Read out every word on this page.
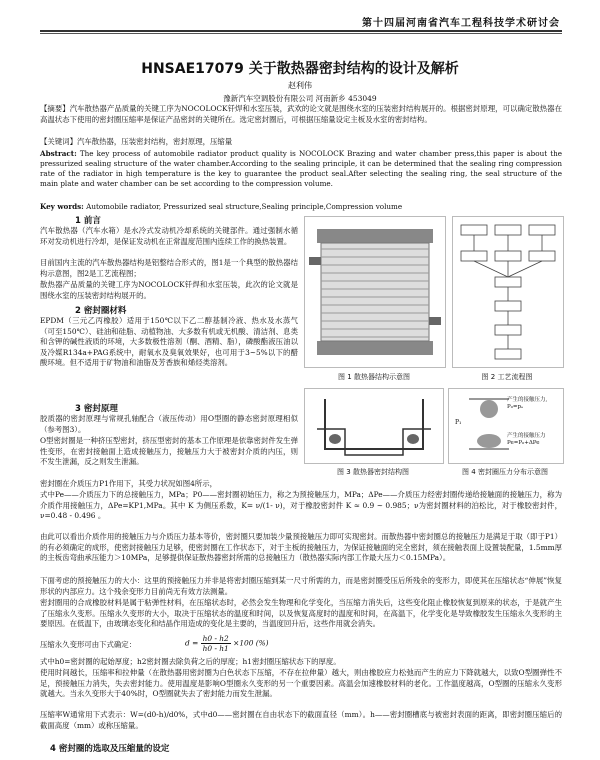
第十四届河南省汽车工程科技学术研讨会
HNSAE17079 关于散热器密封结构的设计及解析
赵利伟
豫新汽车空调股份有限公司 河南新乡 453049
【摘要】汽车散热器产品质量的关键工序为NOCOLOCK钎焊和水室压装，武欢的论文就是围绕水室的压装密封结构展开的。根据密封原理，可以确定散热器在高温状态下使用的密封圈压缩率是保证产品密封的关键所在。选定密封圈后，可根据压缩量设定主板及水室的密封结构。
【关键词】汽车散热器，压装密封结构，密封原理，压缩量
Abstract: The key process of automobile radiator product quality is NOCOLOCK Brazing and water chamber press,this paper is about the pressurized sealing structure of the water chamber.According to the sealing principle, it can be determined that the sealing ring compression rate of the radiator in high temperature is the key to guarantee the product seal.After selecting the sealing ring, the seal structure of the main plate and water chamber can be set according to the compression volume.
Key words: Automobile radiator, Pressurized seal structure,Sealing principle,Compression volume
1 前言
汽车散热器（汽车水箱）是水冷式发动机冷却系统的关键部件。通过强制水循环对发动机进行冷却，是保证发动机在正常温度范围内连续工作的换热装置。
目前国内主流的汽车散热器结构是铝整结合形式的，图1是一个典型的散热器结构示意图，图2是工艺流程图；
散热器产品质量的关键工序为NOCOLOCK钎焊和水室压装，此次的论文就是围绕水室的压装密封结构展开的。
2 密封圈材料
EPDM（三元乙丙橡胶）适用于150℃以下乙二醇基制冷液、热水及水蒸气（可至150℃）、硅油和硅脂、动植物油、大多数有机或无机酸、清洁剂、息类和含钾的碱性液质的环境，大多数极性溶剂（酮、酒精、脂），磷酸酯液压油以及冷媒R134a+PAG系统中，耐氧水及臭氧效果好，也可用于3~5%以下的醋酸环境。但不适用于矿物油和油脂及芳香族和烯烃类溶剂。
3 密封原理
胶质器的密封原理与常规孔轴配合（液压传动）用O型圈的静态密封原理相似（参考图3）。
O型密封圈是一种挤压型密封，挤压型密封的基本工作原理是依靠密封件发生弹性变形，在密封接触面上造成接触压力，接触压力大于被密封介质的内压，则不发生泄漏，反之则发生泄漏。
密封圈在介质压力P1作用下，其受力状况如图4所示，
式中Pe——介质压力下的总接触压力，MPa；P0——密封圈初始压力，称之为预接触压力，MPa；ΔPe——介质压力经密封圈传递给接触面的接触压力，称为介质作用接触压力，ΔPe=KP1,MPa。其中 K 为侧压系数，K= ν/(1- ν)，对于橡胶密封件 K ≈ 0.9 ~ 0.985；ν为密封圈材料的泊松比，对于橡胶密封件，ν=0.48 - 0.496 。
由此可以看出介质作用的接触压力与介质压力基本等价，密封圈只要加装少量预接触压力即可实现密封。而散热器中密封圈总的接触压力是满足于取（即于P1）的有必须确定的成形，使密封接触压力足够，使密封圈在工作状态下，对于主板的接触压力，为保证接触面的完全密封，须在接触表面上设置装配量，1.5mm厚的主板齿弯曲承压能力＞10MPa，足够提供保证散热器密封所需的总接触压力（散热器实际内部工作最大压力＜0.15MPa）。
下面考虑的预接触压力的大小：这里的预接触压力并非是将密封圈压缩到某一尺寸所需的力，而是密封圈受压后所残余的变形力，即使其在压缩状态“伸展”恢复形状的内部应力。这个残余变形力目前尚无有效方法测量。
密封圈用的合成橡胶材料是属于粘弹性材料，在压缩状态时，必然会发生物理和化学变化，当压缩力消失后，这些变化阻止橡胶恢复到原来的状态，于是就产生了压缩永久变形。压缩永久变形的大小，取决于压缩状态的温度和时间，以及恢复高度时的温度和时间，在高温下，化学变化是导致橡胶发生压缩永久变形的主要原因。在低温下，由玻璃态变化和结晶作用造成的变化是主要的，当温度回升后，这些作用就会消失。
压缩永久变形可由下式确定：	$d = \frac{h0 - h2}{h0 - h1} \times 100$ (%)
式中h0=密封圈的起始厚度；h2密封圈去除负荷之后的厚度；h1密封圈压缩状态下的厚度。
使用时间越长，压缩率和拉伸量（在散热器用密封圈为白色状态下压缩，不存在拉伸量）越大，则由橡胶应力松弛而产生的应力下降就越大，以致O型圈弹性不足，预接触压力消失，失去密封能力。使用温度是影响O型圈永久变形的另一个重要因素。高温会加速橡胶材料的老化。工作温度越高，O型圈的压缩永久变形就越大。当永久变形大于40%时，O型圈就失去了密封能力而发生泄漏。
压缩率W通常用下式表示：W=(d0-h)/d0%，式中d0——密封圈在自由状态下的截面直径（mm）。h——密封圈槽底与被密封表面的距离，即密封圈压缩后的截面高度（mm）或称压缩量。
4 密封圈的选取及压缩量的设定
图 1 散热器结构示意图	图 2 工艺流程图
图 3 散热器密封结构图
产生的接触压力, P₀=pₑ
P₁
产生的接触压力Pe=P₀+ΔPe
图 4 密封圈压力分布示意图
